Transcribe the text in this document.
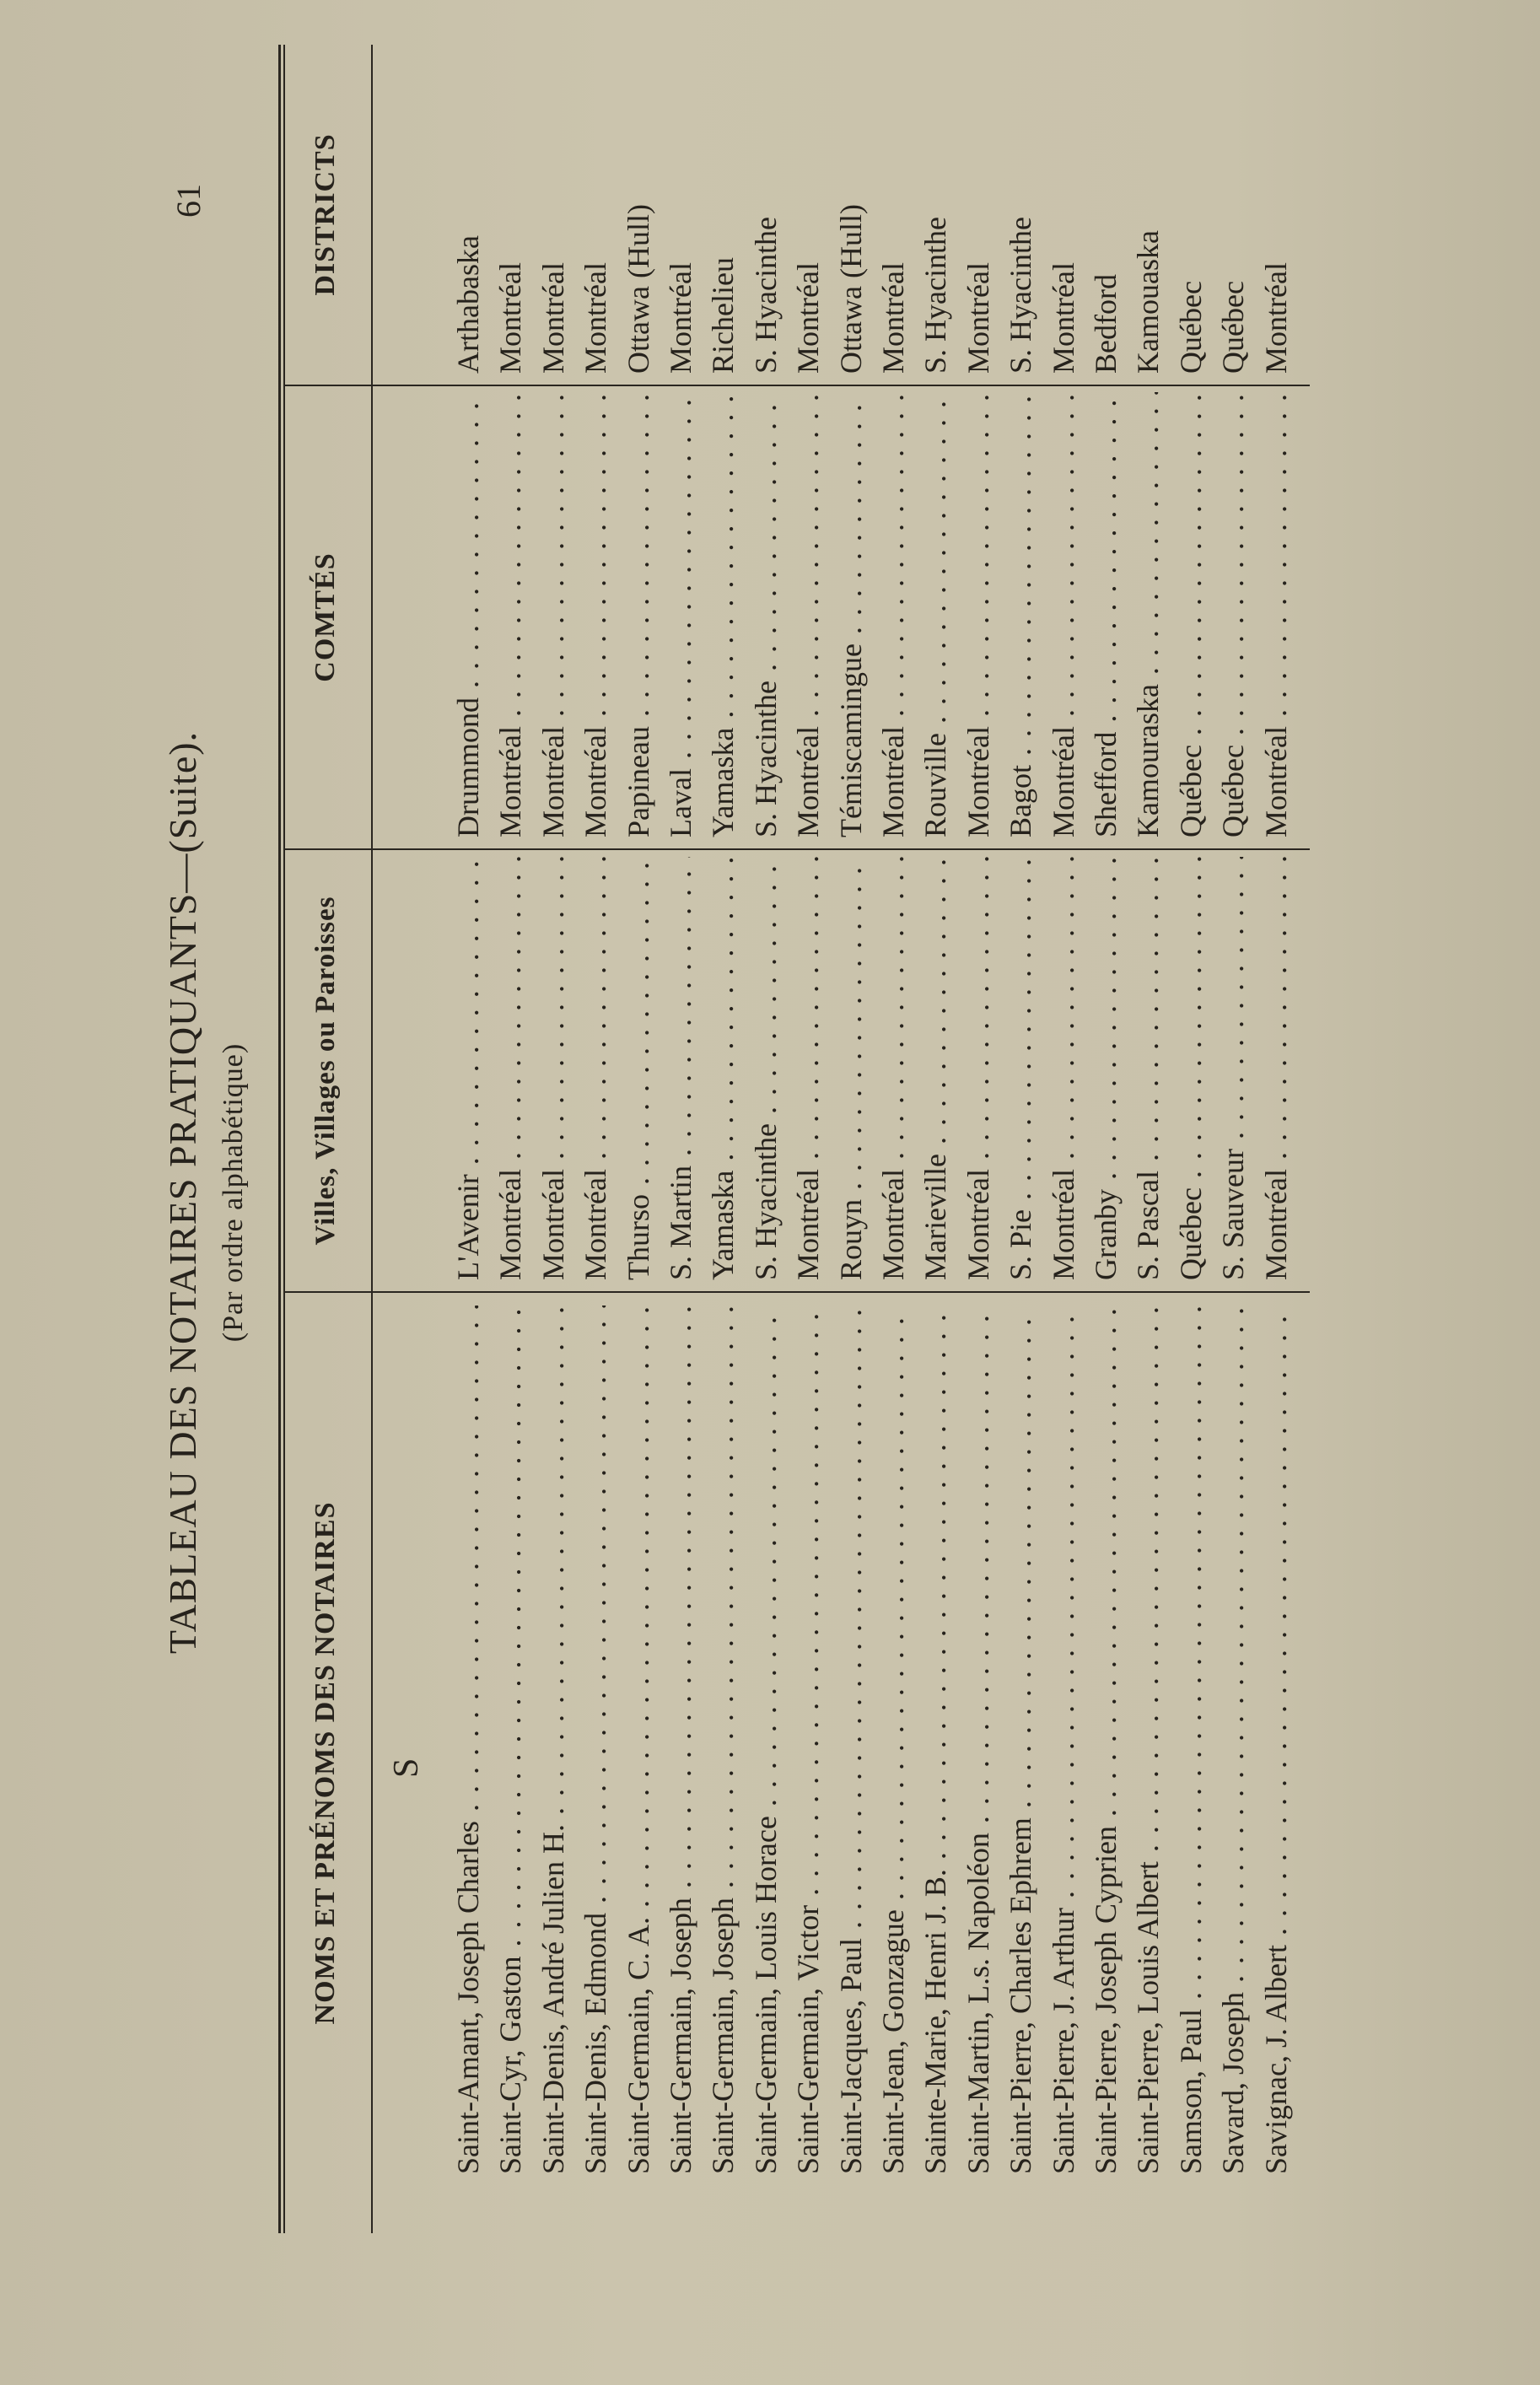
61
TABLEAU DES NOTAIRES PRATIQUANTS—(Suite). (Par ordre alphabétique)
NOMS ET PRÉNOMS DES NOTAIRES
Villes, Villages ou Paroisses
COMTÉS
DISTRICTS
S
Saint-Amant, Joseph Charles . . .
L'Avenir . . .
Drummond . . .
Arthabaska
Saint-Cyr, Gaston . . .
Montréal . . .
Montréal . . .
Montréal
Saint-Denis, André Julien H. . . .
Montréal . . .
Montréal . . .
Montréal
Saint-Denis, Edmond . . .
Montréal . . .
Montréal . . .
Montréal
Saint-Germain, C. A. . . .
Thurso . . .
Papineau . . .
Ottawa (Hull)
Saint-Germain, Joseph . . .
S. Martin . . .
Laval . . .
Montréal
Saint-Germain, Joseph . . .
Yamaska . . .
Yamaska . . .
Richelieu
Saint-Germain, Louis Horace . . .
S. Hyacinthe . . .
S. Hyacinthe . . .
S. Hyacinthe
Saint-Germain, Victor . . .
Montréal . . .
Montréal . . .
Montréal
Saint-Jacques, Paul . . .
Rouyn . . .
Témiscamingue . . .
Ottawa (Hull)
Saint-Jean, Gonzague . . .
Montréal . . .
Montréal . . .
Montréal
Sainte-Marie, Henri J. B. . . .
Marieville . . .
Rouville . . .
S. Hyacinthe
Saint-Martin, L.s. Napoléon . . .
Montréal . . .
Montréal . . .
Montréal
Saint-Pierre, Charles Ephrem . . .
S. Pie . . .
Bagot . . .
S. Hyacinthe
Saint-Pierre, J. Arthur . . .
Montréal . . .
Montréal . . .
Montréal
Saint-Pierre, Joseph Cyprien . . .
Granby . . .
Shefford . . .
Bedford
Saint-Pierre, Louis Albert . . .
S. Pascal . . .
Kamouraska . . .
Kamouaska
Samson, Paul . . .
Québec . . .
Québec . . .
Québec
Savard, Joseph . . .
S. Sauveur . . .
Québec . . .
Québec
Savignac, J. Albert . . .
Montréal . . .
Montréal . . .
Montréal
